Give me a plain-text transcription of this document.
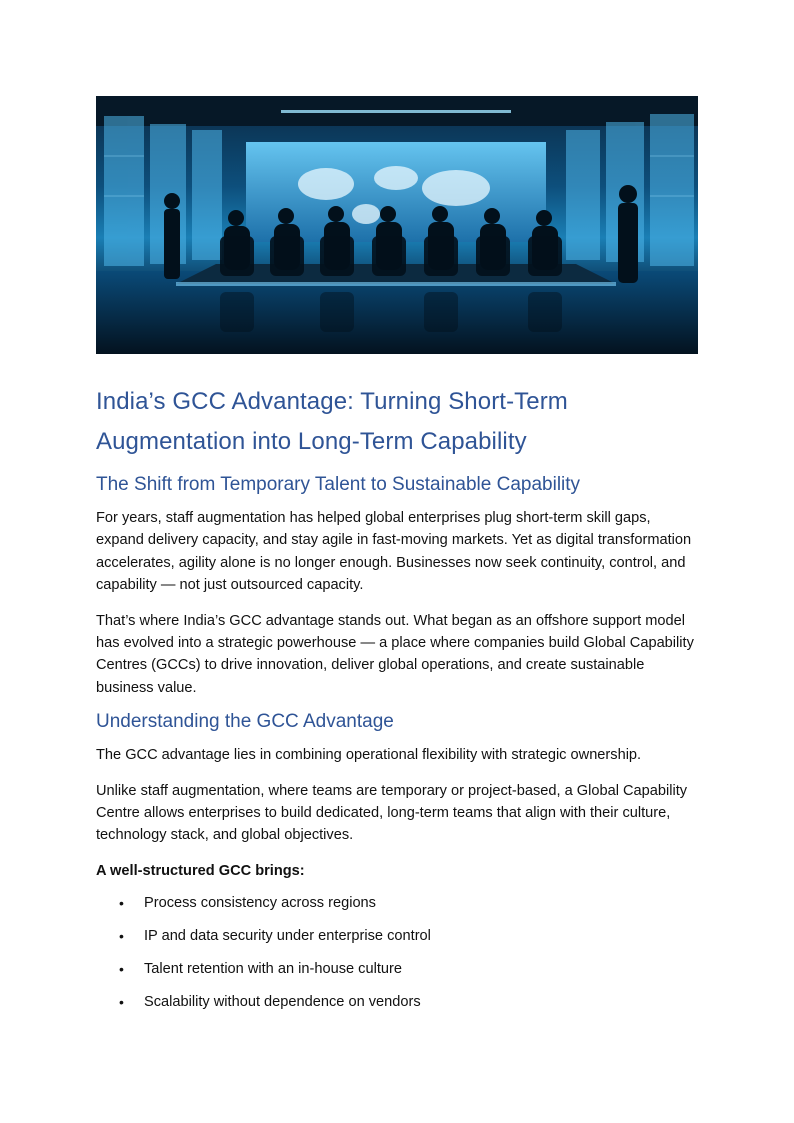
India’s GCC Advantage: Turning Short-Term Augmentation into Long-Term Capability
The Shift from Temporary Talent to Sustainable Capability

For years, staff augmentation has helped global enterprises plug short-term skill gaps, expand delivery capacity, and stay agile in fast-moving markets. Yet as digital transformation accelerates, agility alone is no longer enough. Businesses now seek continuity, control, and capability — not just outsourced capacity.

That’s where India’s GCC advantage stands out. What began as an offshore support model has evolved into a strategic powerhouse — a place where companies build Global Capability Centres (GCCs) to drive innovation, deliver global operations, and create sustainable business value.

Understanding the GCC Advantage

The GCC advantage lies in combining operational flexibility with strategic ownership.

Unlike staff augmentation, where teams are temporary or project-based, a Global Capability Centre allows enterprises to build dedicated, long-term teams that align with their culture, technology stack, and global objectives.

A well-structured GCC brings:

• Process consistency across regions
• IP and data security under enterprise control
• Talent retention with an in-house culture
• Scalability without dependence on vendors
